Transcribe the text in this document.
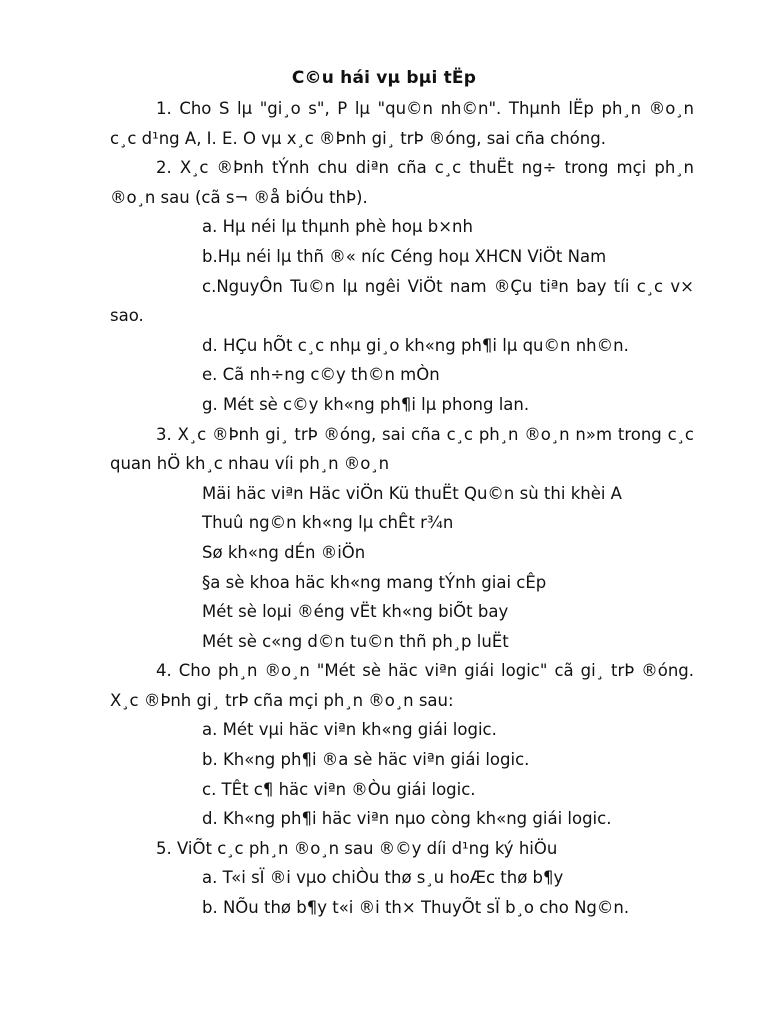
C©u hái vµ bµi tËp

1. Cho S lµ "gi¸o s", P lµ "qu©n nh©n". Thµnh lËp ph¸n ®o¸n c¸c d¹ng A, I. E. O vµ x¸c ®Þnh gi¸ trÞ ®óng, sai cña chóng.

2. X¸c ®Þnh tÝnh chu diªn cña c¸c thuËt ng÷ trong mçi ph¸n ®o¸n sau (cã s¬ ®å biÓu thÞ).

a. Hµ néi lµ thµnh phè hoµ b×nh

b.Hµ néi lµ thñ ®« níc Céng hoµ XHCN ViÖt Nam

c.NguyÔn Tu©n lµ ngêi ViÖt nam ®Çu tiªn bay tíi c¸c v× sao.

d. HÇu hÕt c¸c nhµ gi¸o kh«ng ph¶i lµ qu©n nh©n.

e. Cã nh÷ng c©y th©n mÒn

g. Mét sè c©y kh«ng ph¶i lµ phong lan.

3. X¸c ®Þnh gi¸ trÞ ®óng, sai cña c¸c ph¸n ®o¸n n»m trong c¸c quan hÖ kh¸c nhau víi ph¸n ®o¸n

Mäi häc viªn Häc viÖn Kü thuËt Qu©n sù thi khèi A

Thuû ng©n kh«ng lµ chÊt r¾n

Sø kh«ng dÉn ®iÖn

§a sè khoa häc kh«ng mang tÝnh giai cÊp

Mét sè loµi ®éng vËt kh«ng biÕt bay

Mét sè c«ng d©n tu©n thñ ph¸p luËt

4. Cho ph¸n ®o¸n "Mét sè häc viªn giái logic" cã gi¸ trÞ ®óng. X¸c ®Þnh gi¸ trÞ cña mçi ph¸n ®o¸n sau:

a. Mét vµi häc viªn kh«ng giái logic.

b. Kh«ng ph¶i ®a sè häc viªn giái logic.

c. TÊt c¶ häc viªn ®Òu giái logic.

d. Kh«ng ph¶i häc viªn nµo còng kh«ng giái logic.

5. ViÕt c¸c ph¸n ®o¸n sau ®©y díi d¹ng ký hiÖu

a. T«i sÏ ®i vµo chiÒu thø s¸u hoÆc thø b¶y

b. NÕu thø b¶y t«i ®i th× ThuyÕt sÏ b¸o cho Ng©n.
